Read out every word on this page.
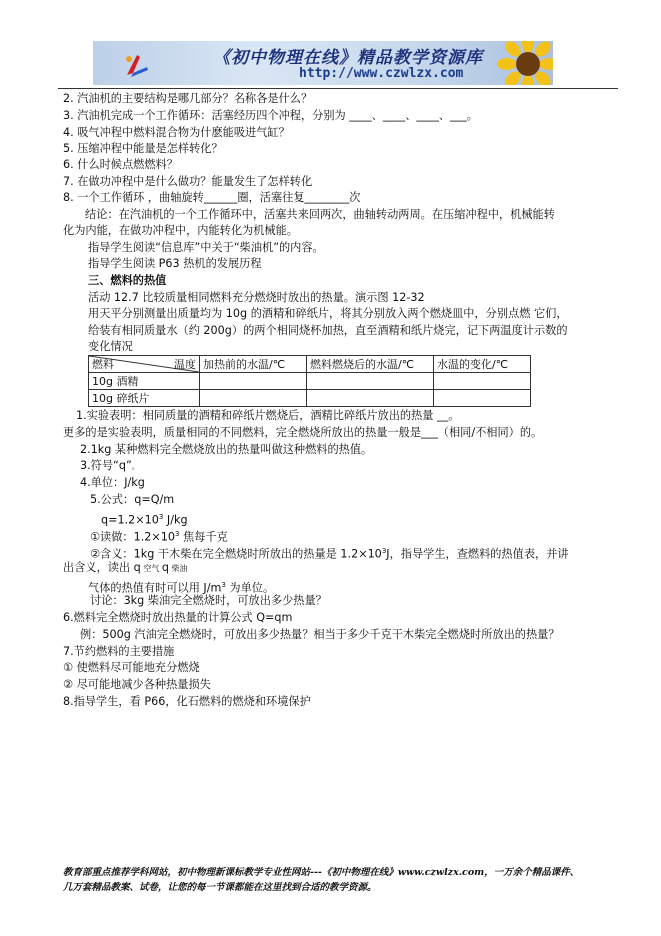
《初中物理在线》精品教学资源库
http://www.czwlzx.com
2. 汽油机的主要结构是哪几部分？名称各是什么？
3. 汽油机完成一个工作循环：活塞经历四个冲程，分别为 ____、____、____、___。
4. 吸气冲程中燃料混合物为什麽能吸进气缸？
5. 压缩冲程中能量是怎样转化？
6. 什么时候点燃燃料？
7. 在做功冲程中是什么做功？能量发生了怎样转化
8. 一个工作循环 ，曲轴旋转______圈，活塞往复________次
结论：在汽油机的一个工作循环中，活塞共来回两次，曲轴转动两周。在压缩冲程中，机械能转
化为内能，在做功冲程中，内能转化为机械能。
指导学生阅读“信息库”中关于“柴油机”的内容。
指导学生阅读 P63 热机的发展历程
三、燃料的热值
活动 12.7 比较质量相同燃料充分燃烧时放出的热量。演示图 12-32
用天平分别测量出质量均为 10g 的酒精和碎纸片，将其分别放入两个燃烧皿中，分别点燃 它们，
给装有相同质量水（约 200g）的两个相同烧杯加热，直至酒精和纸片烧完，记下两温度计示数的
变化情况
燃料 温度	加热前的水温/℃	燃料燃烧后的水温/℃	水温的变化/℃
10g 酒精			
10g 碎纸片			
1.实验表明：相同质量的酒精和碎纸片燃烧后，酒精比碎纸片放出的热量 __。
更多的是实验表明，质量相同的不同燃料，完全燃烧所放出的热量一般是___（相同/不相同）的。
2.1kg 某种燃料完全燃烧放出的热量叫做这种燃料的热值。
3.符号“q”。
4.单位：J/kg
5.公式：q=Q/m
$q=1.2\times 10^3$ J/kg
①读做：$1.2\times 10^3$ 焦每千克
②含义：1kg 干木柴在完全燃烧时所放出的热量是 $1.2\times 10^3J$，指导学生，查燃料的热值表，并讲
出含义，读出 q 空气 q 柴油
气体的热值有时可以用 $J/m^3$ 为单位。
讨论：3kg 柴油完全燃烧时，可放出多少热量？
6.燃料完全燃烧时放出热量的计算公式 Q=qm
例：500g 汽油完全燃烧时，可放出多少热量？相当于多少千克干木柴完全燃烧时所放出的热量？
7.节约燃料的主要措施
① 使燃料尽可能地充分燃烧
② 尽可能地减少各种热量损失
8.指导学生，看 P66，化石燃料的燃烧和环境保护
教育部重点推荐学科网站，初中物理新课标教学专业性网站---《初中物理在线》www.czwlzx.com，一万余个精品课件、
几万套精品教案、试卷，让您的每一节课都能在这里找到合适的教学资源。
